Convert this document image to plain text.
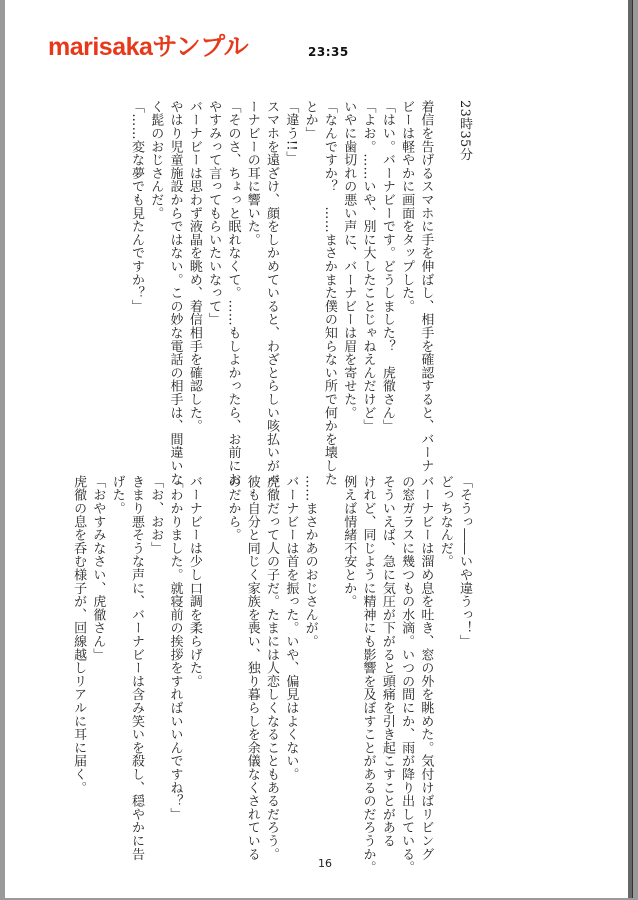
marisakaサンプル	23:35

23時35分

着信を告げるスマホに手を伸ばし、相手を確認すると、バーナ

ビーは軽やかに画面をタップした。

「はい。バーナビーです。どうしました？　虎徹さん」

「よお。……いや、別に大したことじゃねえんだけど」

いやに歯切れの悪い声に、バーナビーは眉を寄せた。

「なんですか？　……まさかまた僕の知らない所で何かを壊した

とか」

「違う!!」

スマホを遠ざけ、顔をしかめていると、わざとらしい咳払いがバ

ーナビーの耳に響いた。

「そのさ、ちょっと眠れなくて。……もしよかったら、お前にお

やすみって言ってもらいたいなって」

バーナビーは思わず液晶を眺め、着信相手を確認した。

やはり児童施設からではない。この妙な電話の相手は、間違いな

く髭のおじさんだ。

「……変な夢でも見たんですか？」

「そうっ――いや違うっ！」

どっちなんだ。

バーナビーは溜め息を吐き、窓の外を眺めた。気付けばリビング

の窓ガラスに幾つもの水滴。いつの間にか、雨が降り出している。

そういえば、急に気圧が下がると頭痛を引き起こすことがある

けれど、同じように精神にも影響を及ぼすことがあるのだろうか。

例えば情緒不安とか。

……まさかあのおじさんが。

バーナビーは首を振った。いや、偏見はよくない。

虎徹だって人の子だ。たまには人恋しくなることもあるだろう。

彼も自分と同じく家族を喪い、独り暮らしを余儀なくされている

のだから。

バーナビーは少し口調を柔らげた。

「わかりました。就寝前の挨拶をすればいいんですね？」

「お、おお」

きまり悪そうな声に、バーナビーは含み笑いを殺し、穏やかに告

げた。

「おやすみなさい、虎徹さん」

虎徹の息を呑む様子が、回線越しリアルに耳に届く。

16
